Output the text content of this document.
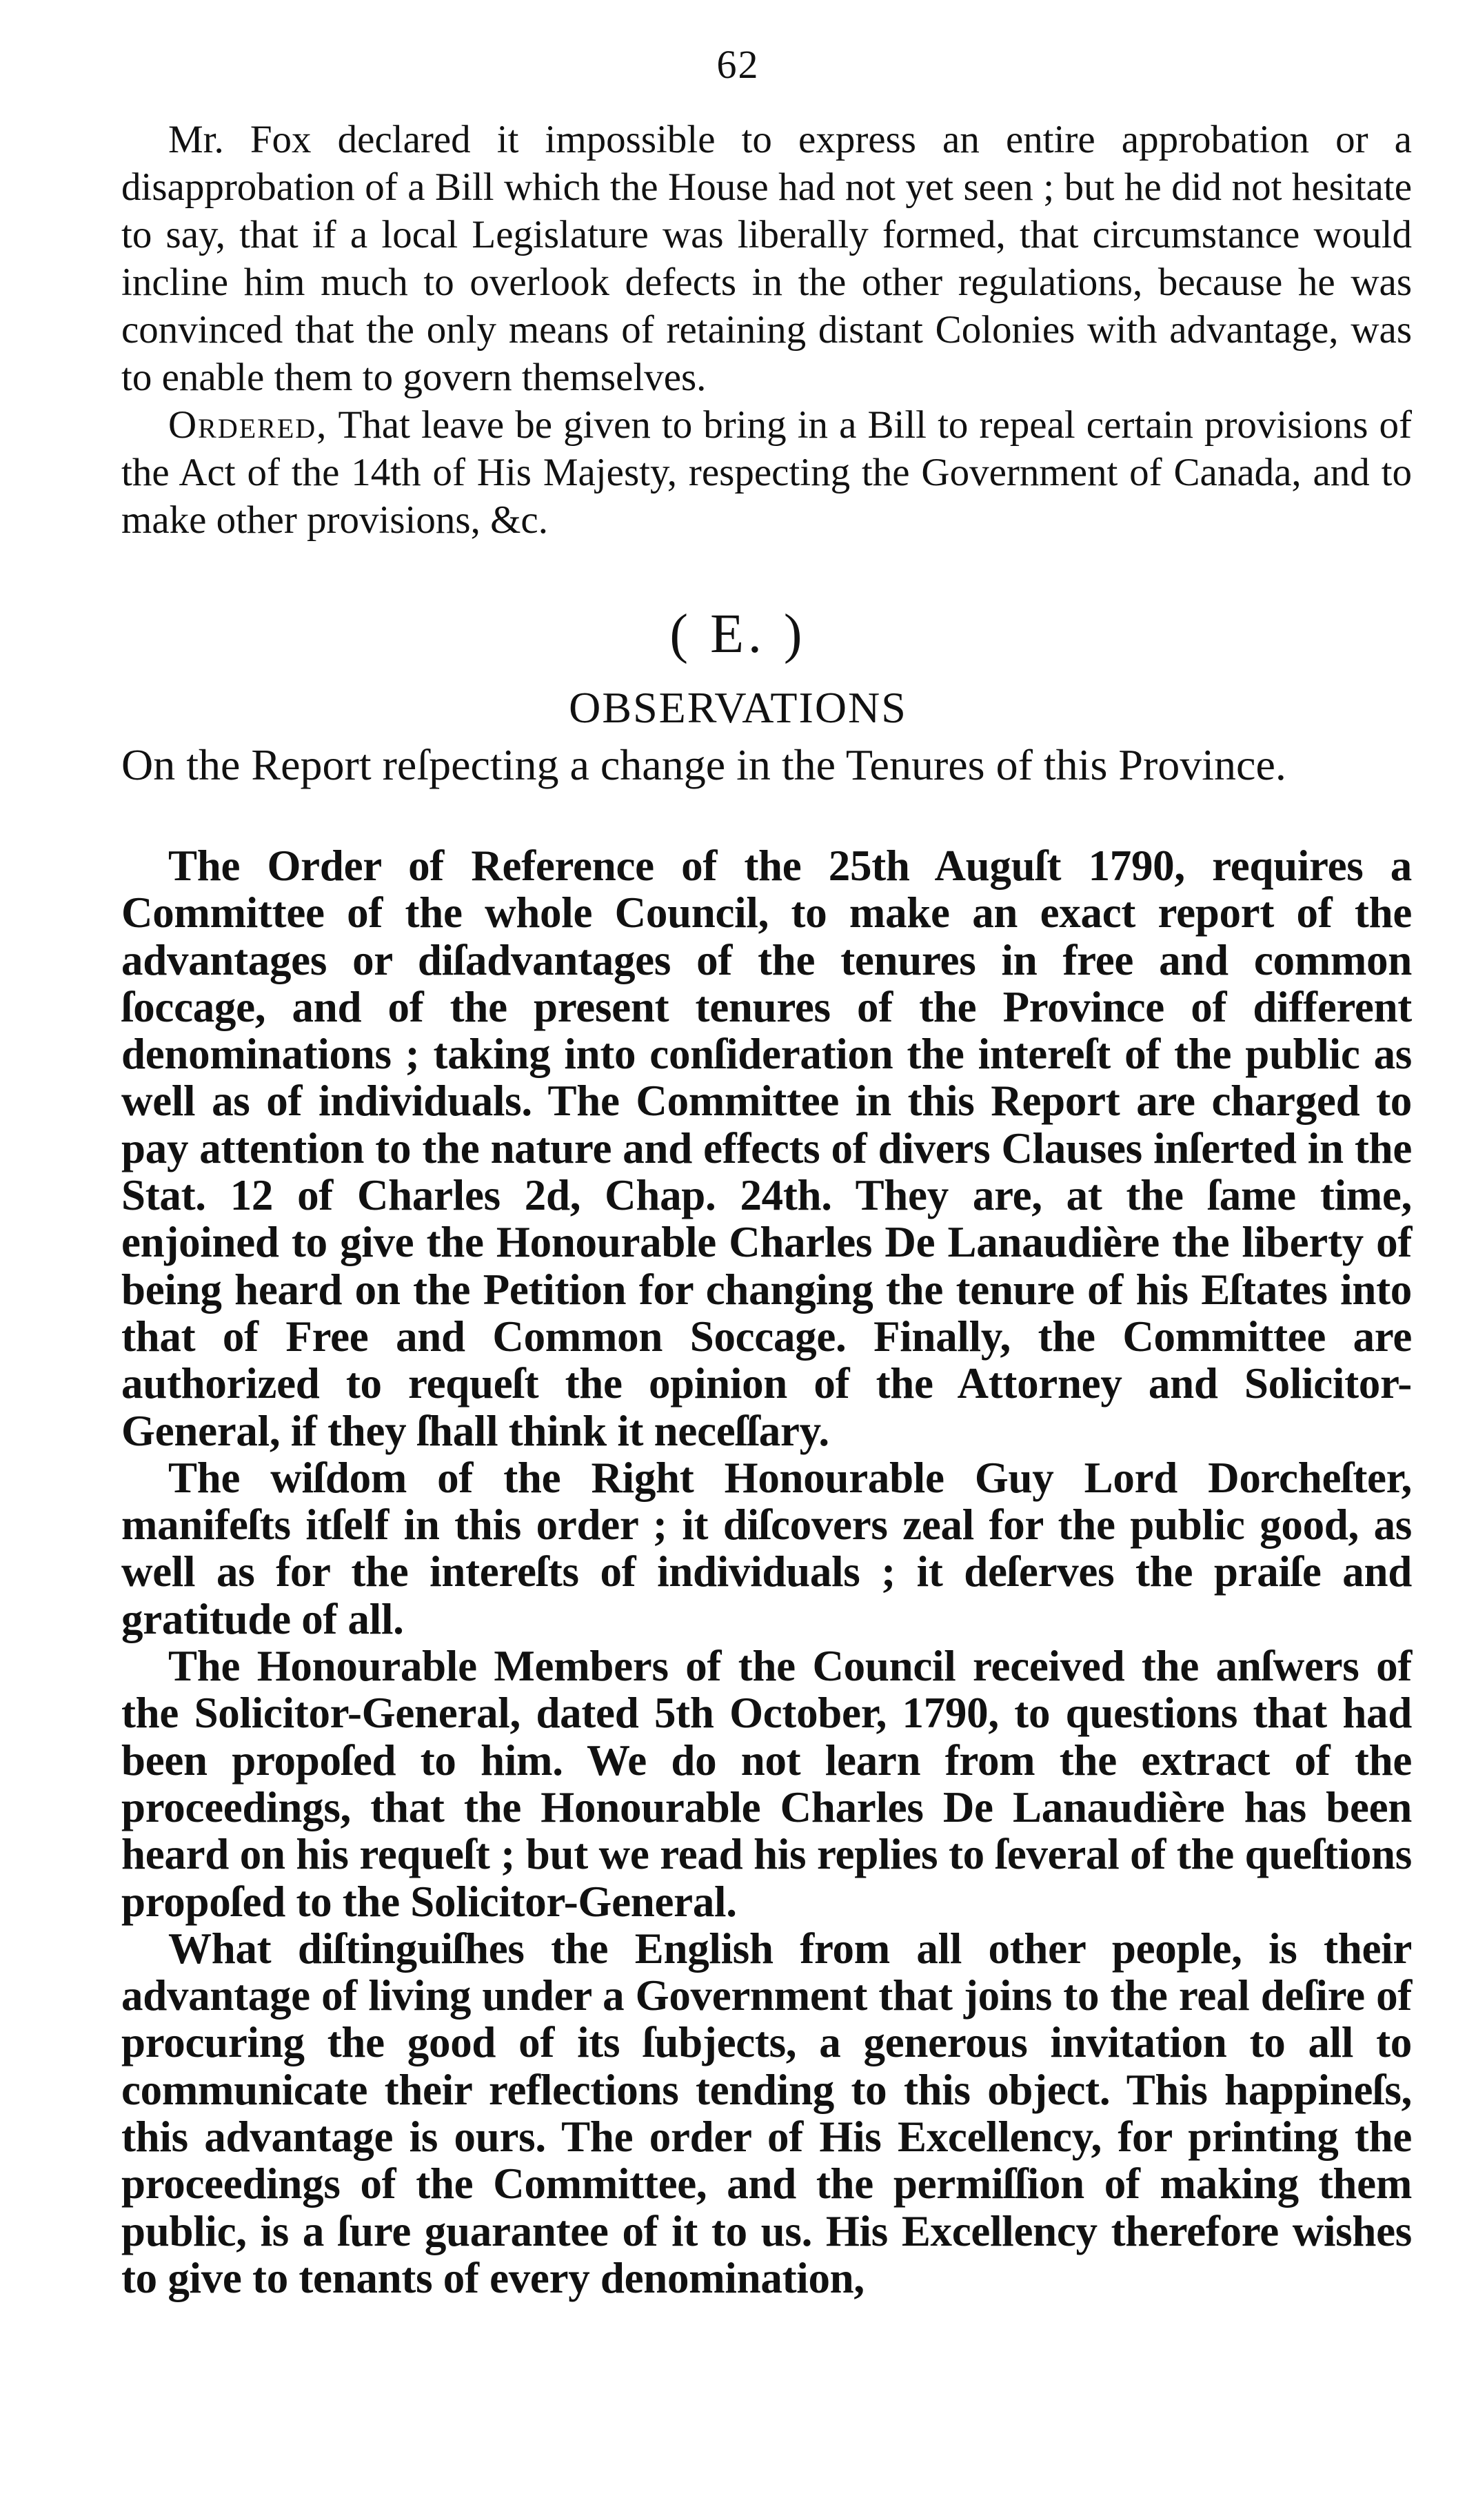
62

Mr. Fox declared it impossible to express an entire approbation or a disapprobation of a Bill which the House had not yet seen ; but he did not hesitate to say, that if a local Legislature was liberally formed, that circumstance would incline him much to overlook defects in the other regulations, because he was convinced that the only means of retaining distant Colonies with advantage, was to enable them to govern themselves.

Ordered, That leave be given to bring in a Bill to repeal certain provisions of the Act of the 14th of His Majesty, respecting the Government of Canada, and to make other provisions, &c.

( E. )
OBSERVATIONS
On the Report reſpecting a change in the Tenures of this Province.

The Order of Reference of the 25th Auguſt 1790, requires a Committee of the whole Council, to make an exact report of the advantages or diſadvantages of the tenures in free and common ſoccage, and of the present tenures of the Province of different denominations ; taking into conſideration the intereſt of the public as well as of individuals. The Committee in this Report are charged to pay attention to the nature and effects of divers Clauses inſerted in the Stat. 12 of Charles 2d, Chap. 24th. They are, at the ſame time, enjoined to give the Honourable Charles De Lanaudière the liberty of being heard on the Petition for changing the tenure of his Eſtates into that of Free and Common Soccage. Finally, the Committee are authorized to requeſt the opinion of the Attorney and Solicitor-General, if they ſhall think it neceſſary.

The wiſdom of the Right Honourable Guy Lord Dorcheſter, manifeſts itſelf in this order ; it diſcovers zeal for the public good, as well as for the intereſts of individuals ; it deſerves the praiſe and gratitude of all.

The Honourable Members of the Council received the anſwers of the Solicitor-General, dated 5th October, 1790, to questions that had been propoſed to him. We do not learn from the extract of the proceedings, that the Honourable Charles De Lanaudière has been heard on his requeſt ; but we read his replies to ſeveral of the queſtions propoſed to the Solicitor-General.

What diſtinguiſhes the English from all other people, is their advantage of living under a Government that joins to the real deſire of procuring the good of its ſubjects, a generous invitation to all to communicate their reflections tending to this object. This happineſs, this advantage is ours. The order of His Excellency, for printing the proceedings of the Committee, and the permiſſion of making them public, is a ſure guarantee of it to us. His Excellency therefore wishes to give to tenants of every denomination,
